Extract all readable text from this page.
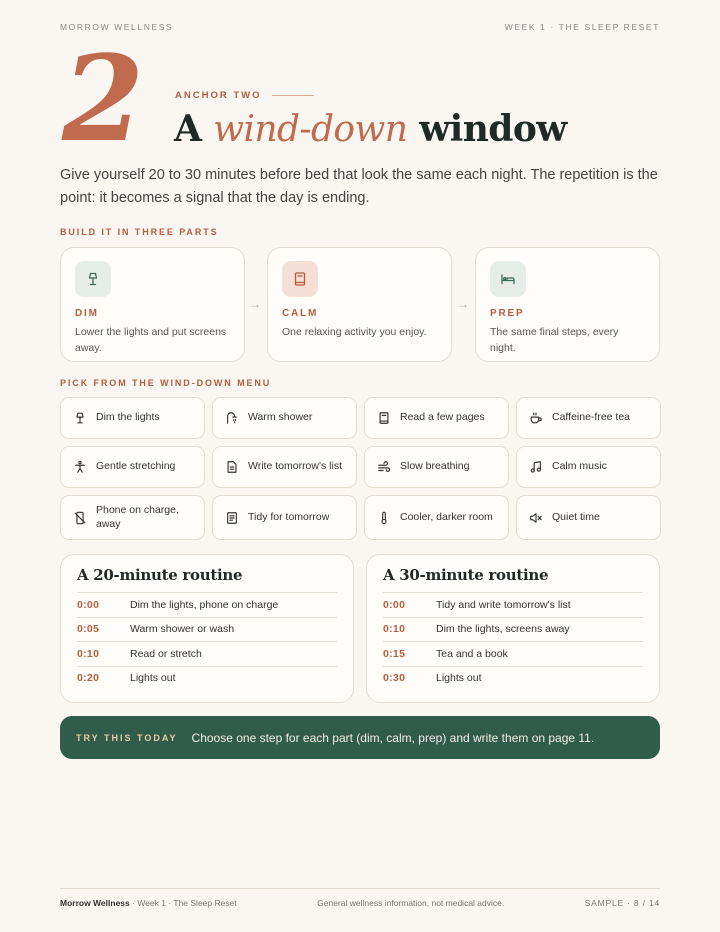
MORROW WELLNESS	WEEK 1 · THE SLEEP RESET
2	ANCHOR TWO
A wind-down window

Give yourself 20 to 30 minutes before bed that look the same each night. The repetition is the point: it becomes a signal that the day is ending.

BUILD IT IN THREE PARTS
DIM
Lower the lights and put screens away.
→
CALM
One relaxing activity you enjoy.
→
PREP
The same final steps, every night.
PICK FROM THE WIND-DOWN MENU
Dim the lights	Warm shower	Read a few pages	Caffeine-free tea
Gentle stretching	Write tomorrow's list	Slow breathing	Calm music
Phone on charge, away
Tidy for tomorrow	Cooler, darker room	Quiet time
A 20-minute routine
0:00	Dim the lights, phone on charge
0:05	Warm shower or wash
0:10	Read or stretch
0:20	Lights out
A 30-minute routine
0:00	Tidy and write tomorrow's list
0:10	Dim the lights, screens away
0:15	Tea and a book
0:30	Lights out
TRY THIS TODAY Choose one step for each part (dim, calm, prep) and write them on page 11.
Morrow Wellness · Week 1 · The Sleep Reset	General wellness information, not medical advice.	SAMPLE · 8 / 14
